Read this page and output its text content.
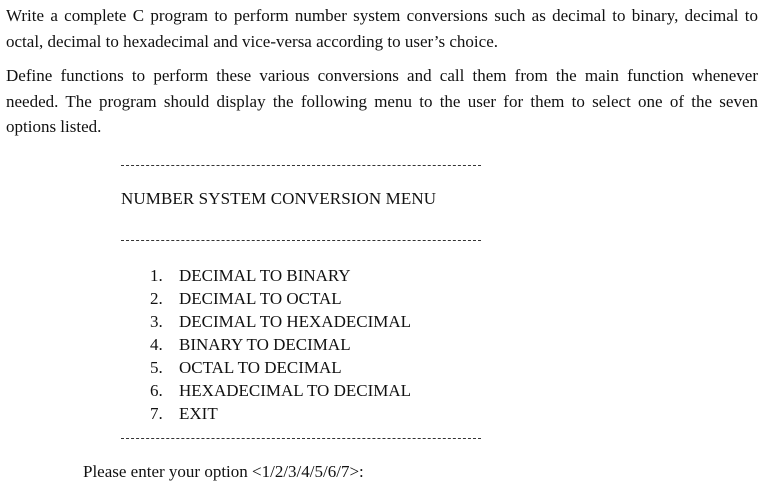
Write a complete C program to perform number system conversions such as decimal to binary, decimal to octal, decimal to hexadecimal and vice-versa according to user’s choice.

Define functions to perform these various conversions and call them from the main function whenever needed. The program should display the following menu to the user for them to select one of the seven options listed.

NUMBER SYSTEM CONVERSION MENU

1. DECIMAL TO BINARY
2. DECIMAL TO OCTAL
3. DECIMAL TO HEXADECIMAL
4. BINARY TO DECIMAL
5. OCTAL TO DECIMAL
6. HEXADECIMAL TO DECIMAL
7. EXIT

Please enter your option <1/2/3/4/5/6/7>:
